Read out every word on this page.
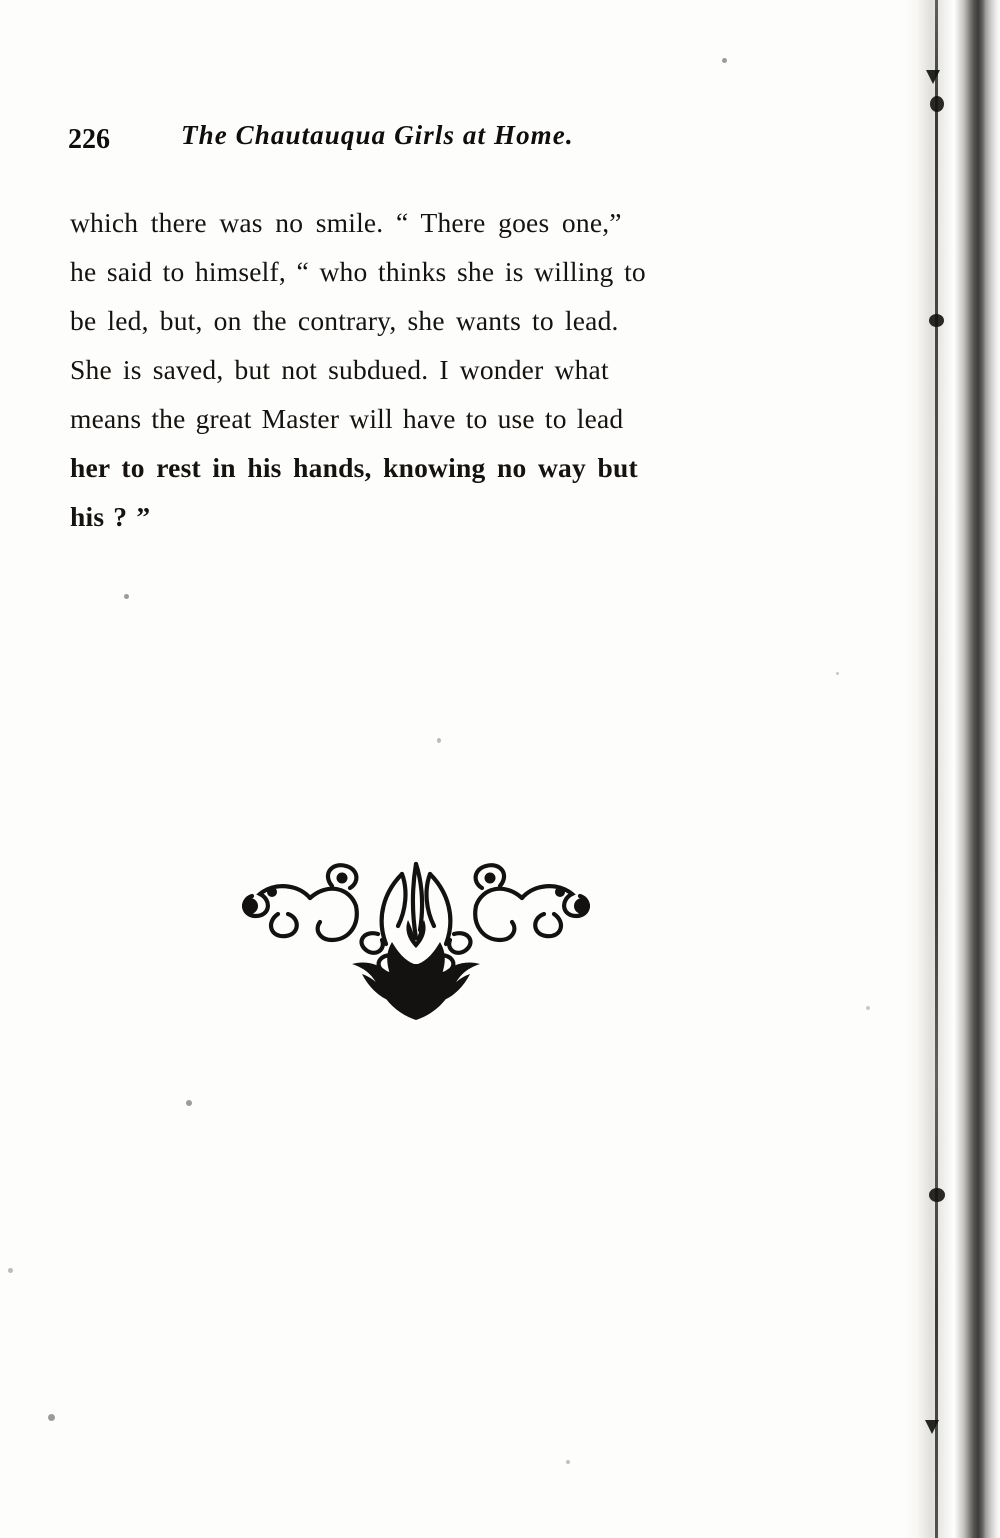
226	The Chautauqua Girls at Home.
which there was no smile. “ There goes one,”
he said to himself, “ who thinks she is willing to
be led, but, on the contrary, she wants to lead.
She is saved, but not subdued. I wonder what
means the great Master will have to use to lead
her to rest in his hands, knowing no way but
his ? ”
